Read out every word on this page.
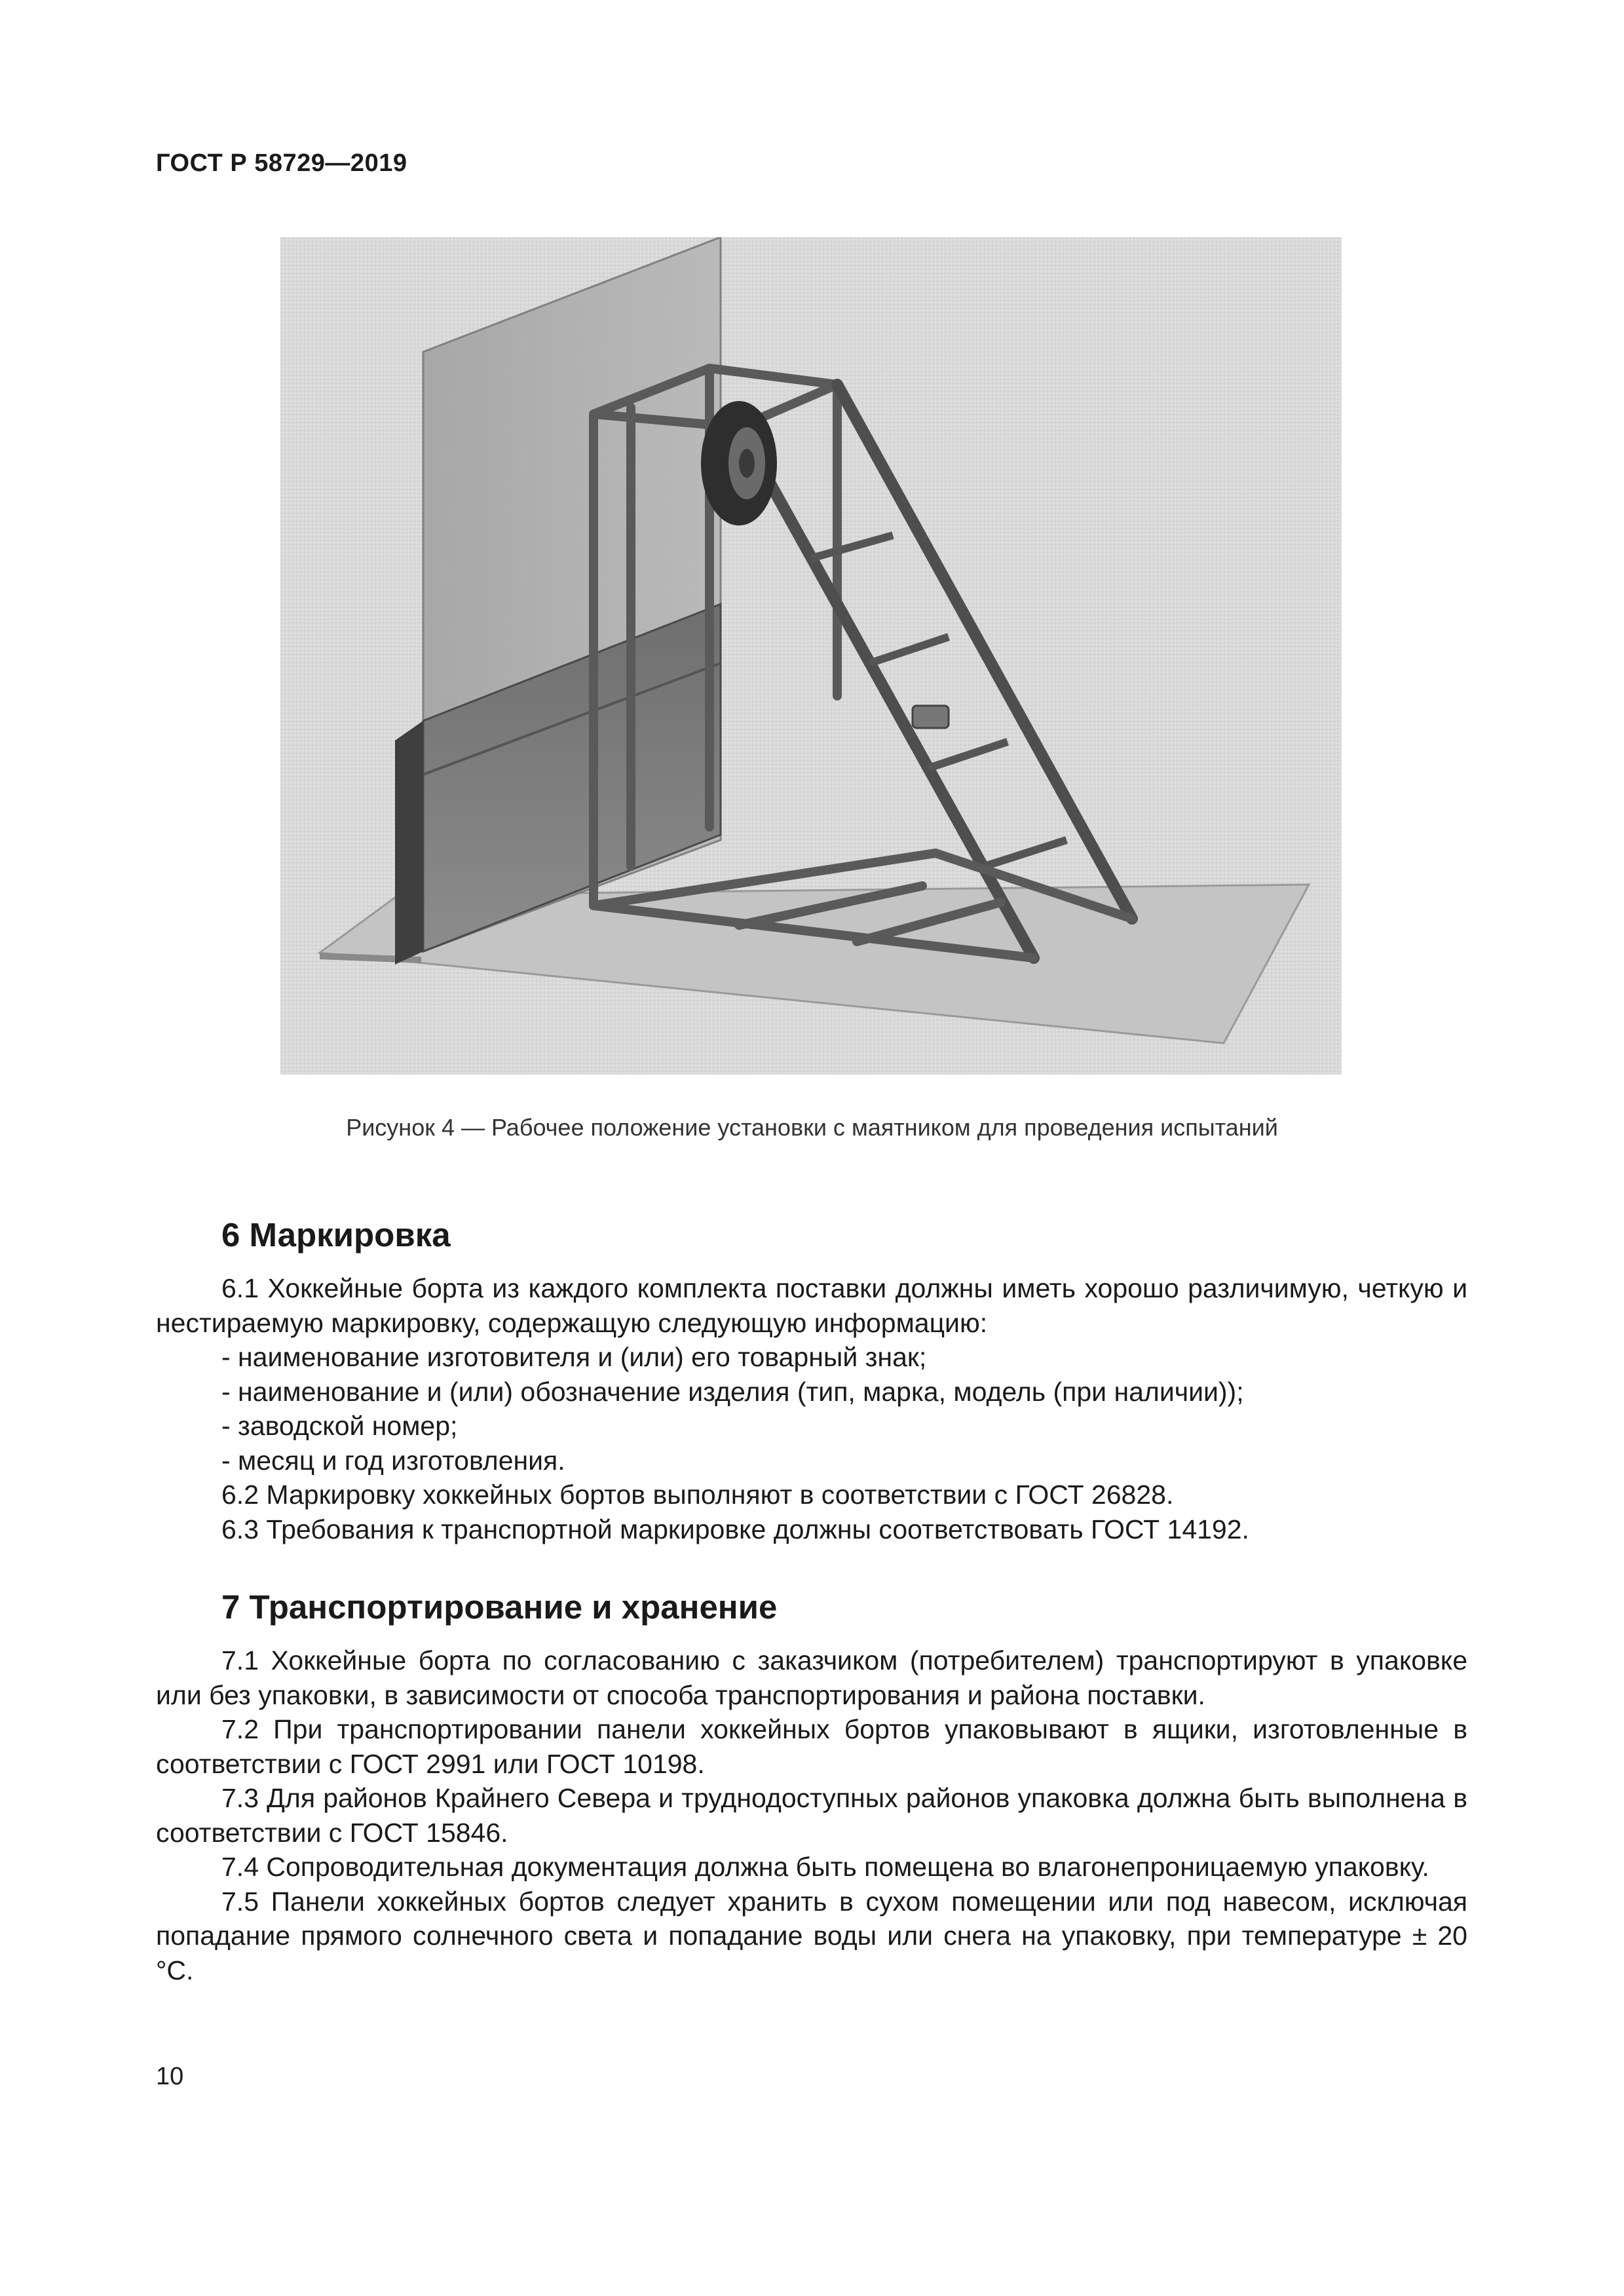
ГОСТ Р 58729—2019
Рисунок 4 — Рабочее положение установки с маятником для проведения испытаний
6 Маркировка

6.1 Хоккейные борта из каждого комплекта поставки должны иметь хорошо различимую, четкую и нестираемую маркировку, содержащую следующую информацию:

- наименование изготовителя и (или) его товарный знак;

- наименование и (или) обозначение изделия (тип, марка, модель (при наличии));

- заводской номер;

- месяц и год изготовления.

6.2 Маркировку хоккейных бортов выполняют в соответствии с ГОСТ 26828.

6.3 Требования к транспортной маркировке должны соответствовать ГОСТ 14192.

7 Транспортирование и хранение

7.1 Хоккейные борта по согласованию с заказчиком (потребителем) транспортируют в упаковке или без упаковки, в зависимости от способа транспортирования и района поставки.

7.2 При транспортировании панели хоккейных бортов упаковывают в ящики, изготовленные в соответствии с ГОСТ 2991 или ГОСТ 10198.

7.3 Для районов Крайнего Севера и труднодоступных районов упаковка должна быть выполнена в соответствии с ГОСТ 15846.

7.4 Сопроводительная документация должна быть помещена во влагонепроницаемую упаковку.

7.5 Панели хоккейных бортов следует хранить в сухом помещении или под навесом, исключая попадание прямого солнечного света и попадание воды или снега на упаковку, при температуре ± 20 °С.

10
